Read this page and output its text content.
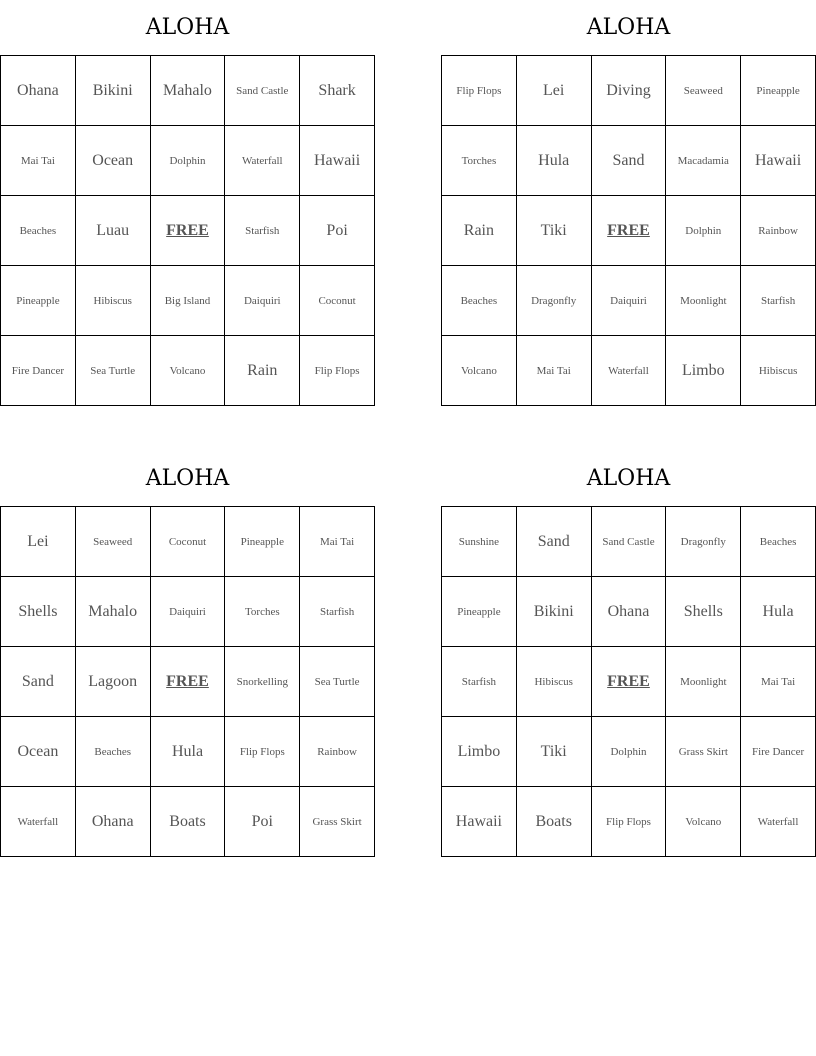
ALOHA
Ohana	Bikini	Mahalo	Sand Castle	Shark
Mai Tai	Ocean	Dolphin	Waterfall	Hawaii
Beaches	Luau	FREE	Starfish	Poi
Pineapple	Hibiscus	Big Island	Daiquiri	Coconut
Fire Dancer	Sea Turtle	Volcano	Rain	Flip Flops
ALOHA
Flip Flops	Lei	Diving	Seaweed	Pineapple
Torches	Hula	Sand	Macadamia	Hawaii
Rain	Tiki	FREE	Dolphin	Rainbow
Beaches	Dragonfly	Daiquiri	Moonlight	Starfish
Volcano	Mai Tai	Waterfall	Limbo	Hibiscus
ALOHA
Lei	Seaweed	Coconut	Pineapple	Mai Tai
Shells	Mahalo	Daiquiri	Torches	Starfish
Sand	Lagoon	FREE	Snorkelling	Sea Turtle
Ocean	Beaches	Hula	Flip Flops	Rainbow
Waterfall	Ohana	Boats	Poi	Grass Skirt
ALOHA
Sunshine	Sand	Sand Castle	Dragonfly	Beaches
Pineapple	Bikini	Ohana	Shells	Hula
Starfish	Hibiscus	FREE	Moonlight	Mai Tai
Limbo	Tiki	Dolphin	Grass Skirt	Fire Dancer
Hawaii	Boats	Flip Flops	Volcano	Waterfall
